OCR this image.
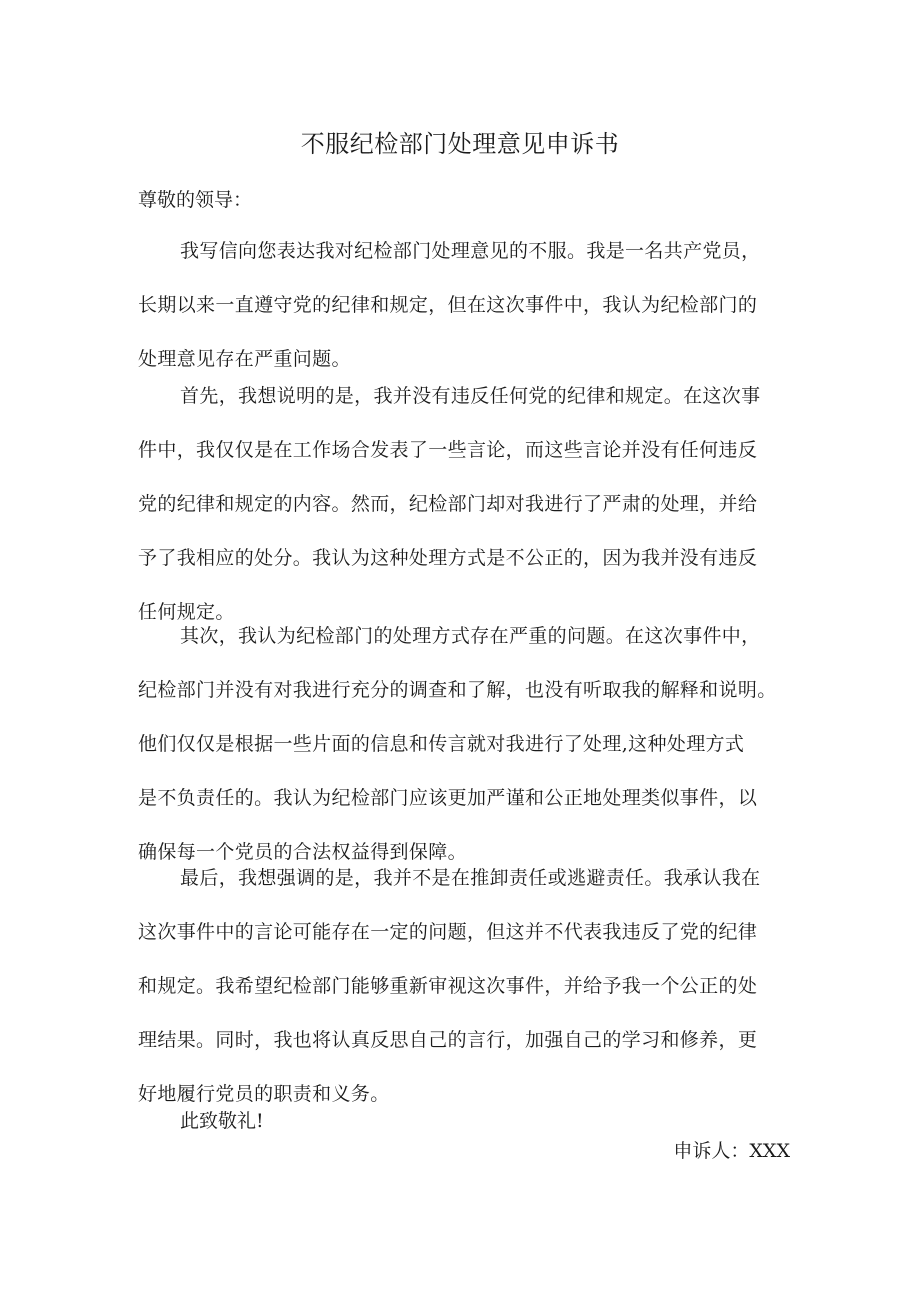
不服纪检部门处理意见申诉书
尊敬的领导：
我写信向您表达我对纪检部门处理意见的不服。我是一名共产党员，
长期以来一直遵守党的纪律和规定，但在这次事件中，我认为纪检部门的
处理意见存在严重问题。
首先，我想说明的是，我并没有违反任何党的纪律和规定。在这次事
件中，我仅仅是在工作场合发表了一些言论，而这些言论并没有任何违反
党的纪律和规定的内容。然而，纪检部门却对我进行了严肃的处理，并给
予了我相应的处分。我认为这种处理方式是不公正的，因为我并没有违反
任何规定。
其次，我认为纪检部门的处理方式存在严重的问题。在这次事件中，
纪检部门并没有对我进行充分的调查和了解，也没有听取我的解释和说明。
他们仅仅是根据一些片面的信息和传言就对我进行了处理,这种处理方式
是不负责任的。我认为纪检部门应该更加严谨和公正地处理类似事件，以
确保每一个党员的合法权益得到保障。
最后，我想强调的是，我并不是在推卸责任或逃避责任。我承认我在
这次事件中的言论可能存在一定的问题，但这并不代表我违反了党的纪律
和规定。我希望纪检部门能够重新审视这次事件，并给予我一个公正的处
理结果。同时，我也将认真反思自己的言行，加强自己的学习和修养，更
好地履行党员的职责和义务。
此致敬礼!
申诉人：XXX
